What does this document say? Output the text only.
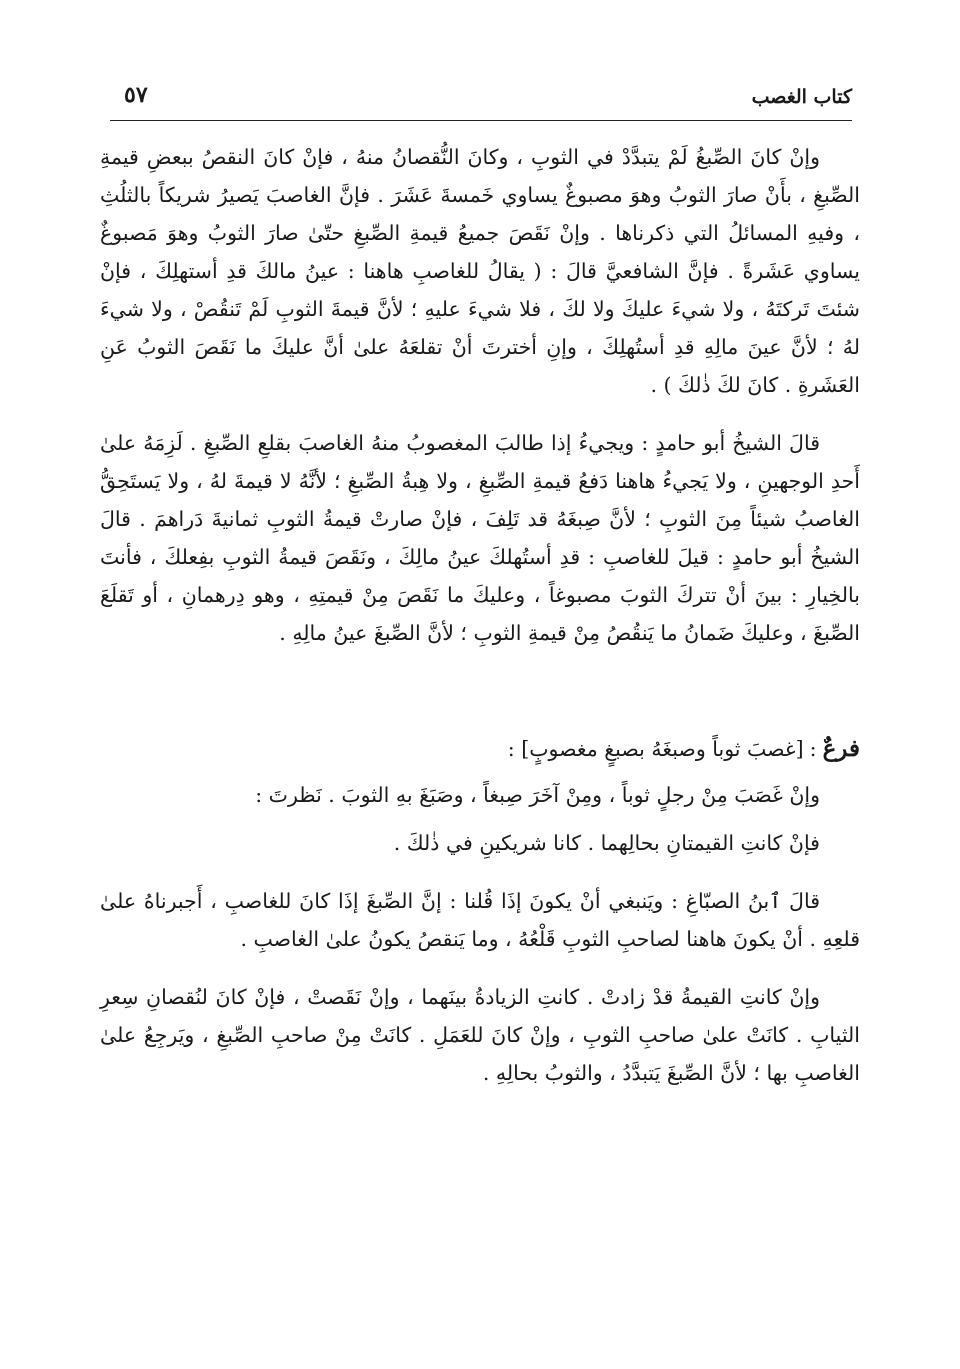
كتاب الغصب
٥٧

وإنْ كانَ الصِّبغُ لَمْ يتبدَّدْ في الثوبِ ، وكانَ النُّقصانُ منهُ ، فإنْ كانَ النقصُ ببعضِ قيمةِ الصِّبغِ ، بأَنْ صارَ الثوبُ وهوَ مصبوغٌ يساوي خَمسةَ عَشَرَ . فإنَّ الغاصبَ يَصيرُ شريكاً بالثلُثِ ، وفيهِ المسائلُ التي ذكرناها . وإنْ نَقَصَ جميعُ قيمةِ الصِّبغِ حتّىٰ صارَ الثوبُ وهوَ مَصبوغٌ يساوي عَشَرةً . فإنَّ الشافعيَّ قالَ : ( يقالُ للغاصبِ هاهنا : عينُ مالكَ قدِ أستهلِكَ ، فإنْ شئتَ تَركتَهُ ، ولا شيءَ عليكَ ولا لكَ ، فلا شيءَ عليهِ ؛ لأنَّ قيمةَ الثوبِ لَمْ تَنقُصْ ، ولا شيءَ لهُ ؛ لأنَّ عينَ مالِهِ قدِ أستُهلِكَ ، وإنِ أخترتَ أنْ تقلعَهُ علىٰ أنَّ عليكَ ما نَقَصَ الثوبُ عَنِ العَشَرةِ . كانَ لكَ ذٰلكَ ) .

قالَ الشيخُ أبو حامدٍ : ويجيءُ إذا طالبَ المغصوبُ منهُ الغاصبَ بقلعِ الصِّبغِ . لَزِمَهُ علىٰ أَحدِ الوجهينِ ، ولا يَجيءُ هاهنا دَفعُ قيمةِ الصِّبغِ ، ولا هِبةُ الصِّبغِ ؛ لأنَّهُ لا قيمةَ لهُ ، ولا يَستَحِقُّ الغاصبُ شيئاً مِنَ الثوبِ ؛ لأنَّ صِبغَهُ قد تَلِفَ ، فإنْ صارتْ قيمةُ الثوبِ ثمانيةَ دَراهمَ . قالَ الشيخُ أبو حامدٍ : قيلَ للغاصبِ : قدِ أستُهلكَ عينُ مالِكَ ، ونَقَصَ قيمةُ الثوبِ بفِعلكَ ، فأنتَ بالخِيارِ : بينَ أنْ تتركَ الثوبَ مصبوغاً ، وعليكَ ما نَقَصَ مِنْ قيمتِهِ ، وهو دِرهمانِ ، أو تَقلَعَ الصِّبغَ ، وعليكَ ضَمانُ ما يَنقُصُ مِنْ قيمةِ الثوبِ ؛ لأنَّ الصِّبغَ عينُ مالِهِ .

فرعٌ:[غصبَ ثوباً وصبغَهُ بصبغٍ مغصوبٍ] :

وإنْ غَصَبَ مِنْ رجلٍ ثوباً ، ومِنْ آخَرَ صِبغاً ، وصَبَغَ بهِ الثوبَ . نَظرتَ :

فإنْ كانتِ القيمتانِ بحالِهما . كانا شريكينِ في ذٰلكَ .

قالَ ٱبنُ الصبّاغِ : ويَنبغي أنْ يكونَ إذَا قُلنا : إنَّ الصِّبغَ إذَا كانَ للغاصبِ ، أَجبرناهُ علىٰ قلعِهِ . أنْ يكونَ هاهنا لصاحبِ الثوبِ قَلْعُهُ ، وما يَنقصُ يكونُ علىٰ الغاصبِ .

وإنْ كانتِ القيمةُ قدْ زادتْ . كانتِ الزيادةُ بينَهما ، وإنْ نَقَصتْ ، فإنْ كانَ لنُقصانِ سِعرِ الثيابِ . كانَتْ علىٰ صاحبِ الثوبِ ، وإنْ كانَ للعَمَلِ . كانَتْ مِنْ صاحبِ الصِّبغِ ، ويَرجِعُ علىٰ الغاصبِ بها ؛ لأنَّ الصِّبغَ يَتبدَّدُ ، والثوبُ بحالِهِ .
